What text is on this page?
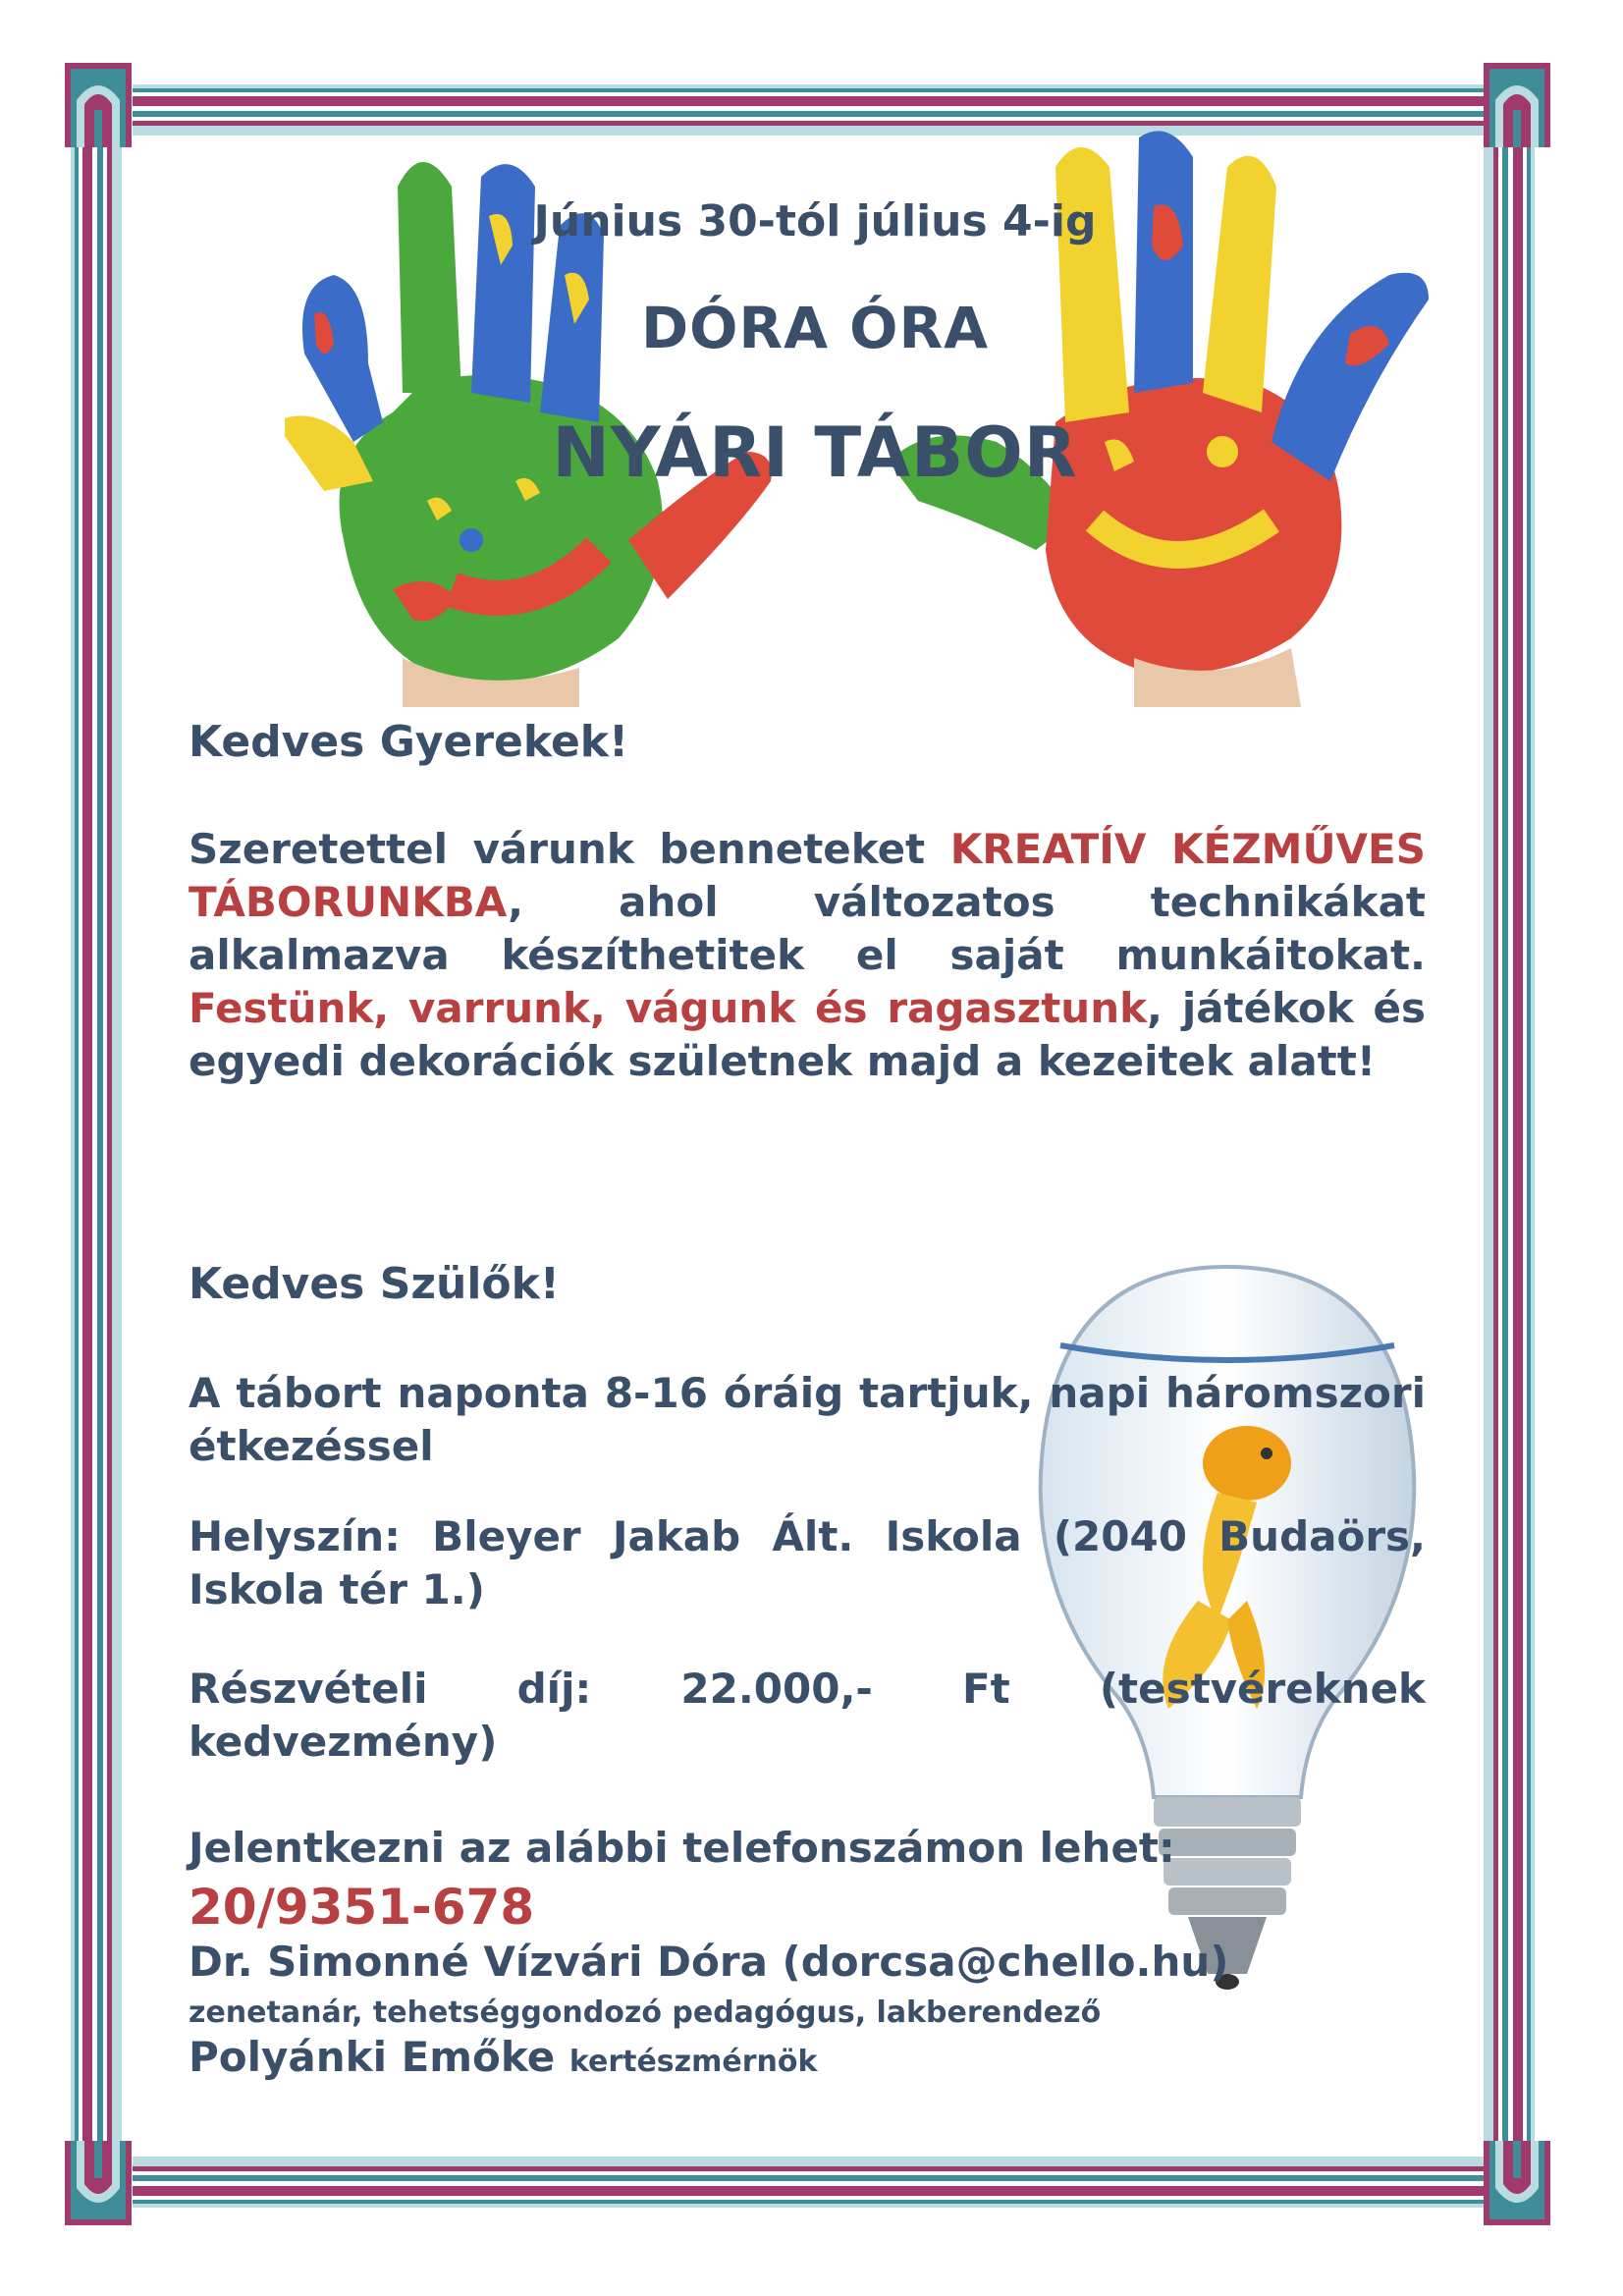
Június 30-tól július 4-ig
DÓRA ÓRA
NYÁRI TÁBOR
Kedves Gyerekek!
Szeretettel várunk benneteket KREATÍV KÉZMŰVES TÁBORUNKBA, ahol változatos technikákat alkalmazva készíthetitek el saját munkáitokat. Festünk, varrunk, vágunk és ragasztunk, játékok és egyedi dekorációk születnek majd a kezeitek alatt!
Kedves Szülők!
A tábort naponta 8-16 óráig tartjuk, napi háromszori étkezéssel
Helyszín: Bleyer Jakab Ált. Iskola (2040 Budaörs, Iskola tér 1.)
Részvételi díj: 22.000,- Ft (testvéreknek kedvezmény)
Jelentkezni az alábbi telefonszámon lehet:
20/9351-678
Dr. Simonné Vízvári Dóra (dorcsa@chello.hu)
zenetanár, tehetséggondozó pedagógus, lakberendező
Polyánki Emőke kertészmérnök
